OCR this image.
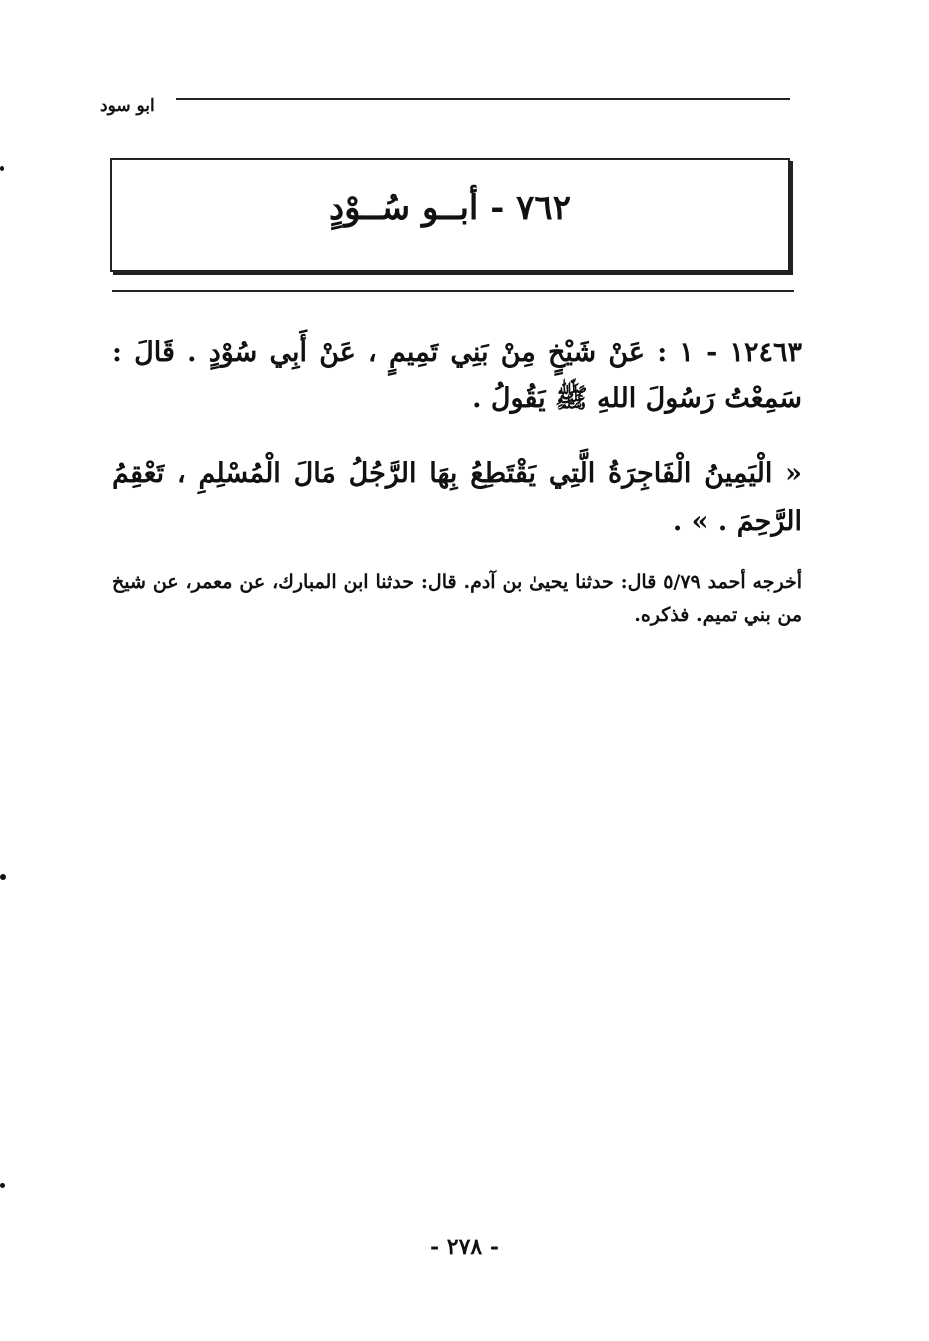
ابو سود
٧٦٢ - أبــو سُــوْدٍ

١٢٤٦٣ - ١ : عَنْ شَيْخٍ مِنْ بَنِي تَمِيمٍ ، عَنْ أَبِي سُوْدٍ . قَالَ : سَمِعْتُ رَسُولَ اللهِ ﷺ يَقُولُ .

« الْيَمِينُ الْفَاجِرَةُ الَّتِي يَقْتَطِعُ بِهَا الرَّجُلُ مَالَ الْمُسْلِمِ ، تَعْقِمُ الرَّحِمَ . » .

أخرجه أحمد ٥/٧٩ قال: حدثنا يحيىٰ بن آدم. قال: حدثنا ابن المبارك، عن معمر، عن شيخ من بني تميم. فذكره.

- ٢٧٨ -
